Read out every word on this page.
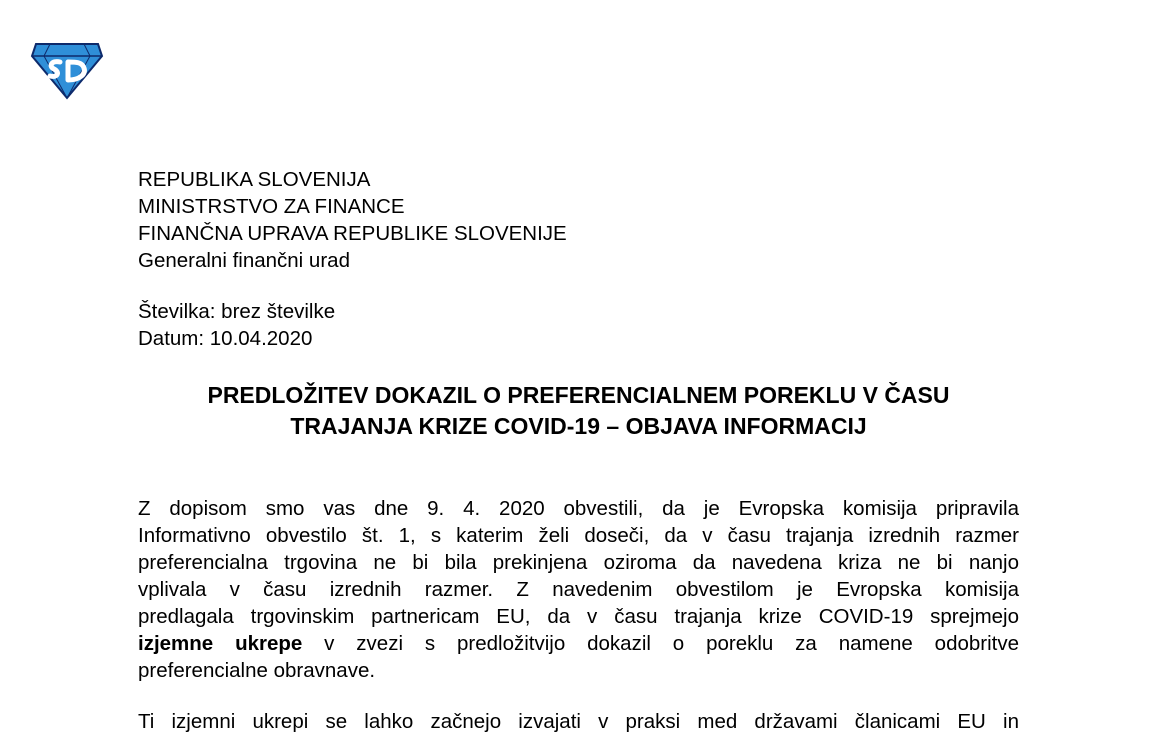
REPUBLIKA SLOVENIJA
MINISTRSTVO ZA FINANCE
FINANČNA UPRAVA REPUBLIKE SLOVENIJE
Generalni finančni urad
Številka: brez številke
Datum: 10.04.2020
PREDLOŽITEV DOKAZIL O PREFERENCIALNEM POREKLU V ČASU
TRAJANJA KRIZE COVID-19 – OBJAVA INFORMACIJ
Z dopisom smo vas dne 9. 4. 2020 obvestili, da je Evropska komisija pripravila
Informativno obvestilo št. 1, s katerim želi doseči, da v času trajanja izrednih razmer
preferencialna trgovina ne bi bila prekinjena oziroma da navedena kriza ne bi nanjo
vplivala v času izrednih razmer. Z navedenim obvestilom je Evropska komisija
predlagala trgovinskim partnericam EU, da v času trajanja krize COVID-19 sprejmejo
izjemne ukrepe v zvezi s predložitvijo dokazil o poreklu za namene odobritve
preferencialne obravnave.
Ti izjemni ukrepi se lahko začnejo izvajati v praksi med državami članicami EU in
